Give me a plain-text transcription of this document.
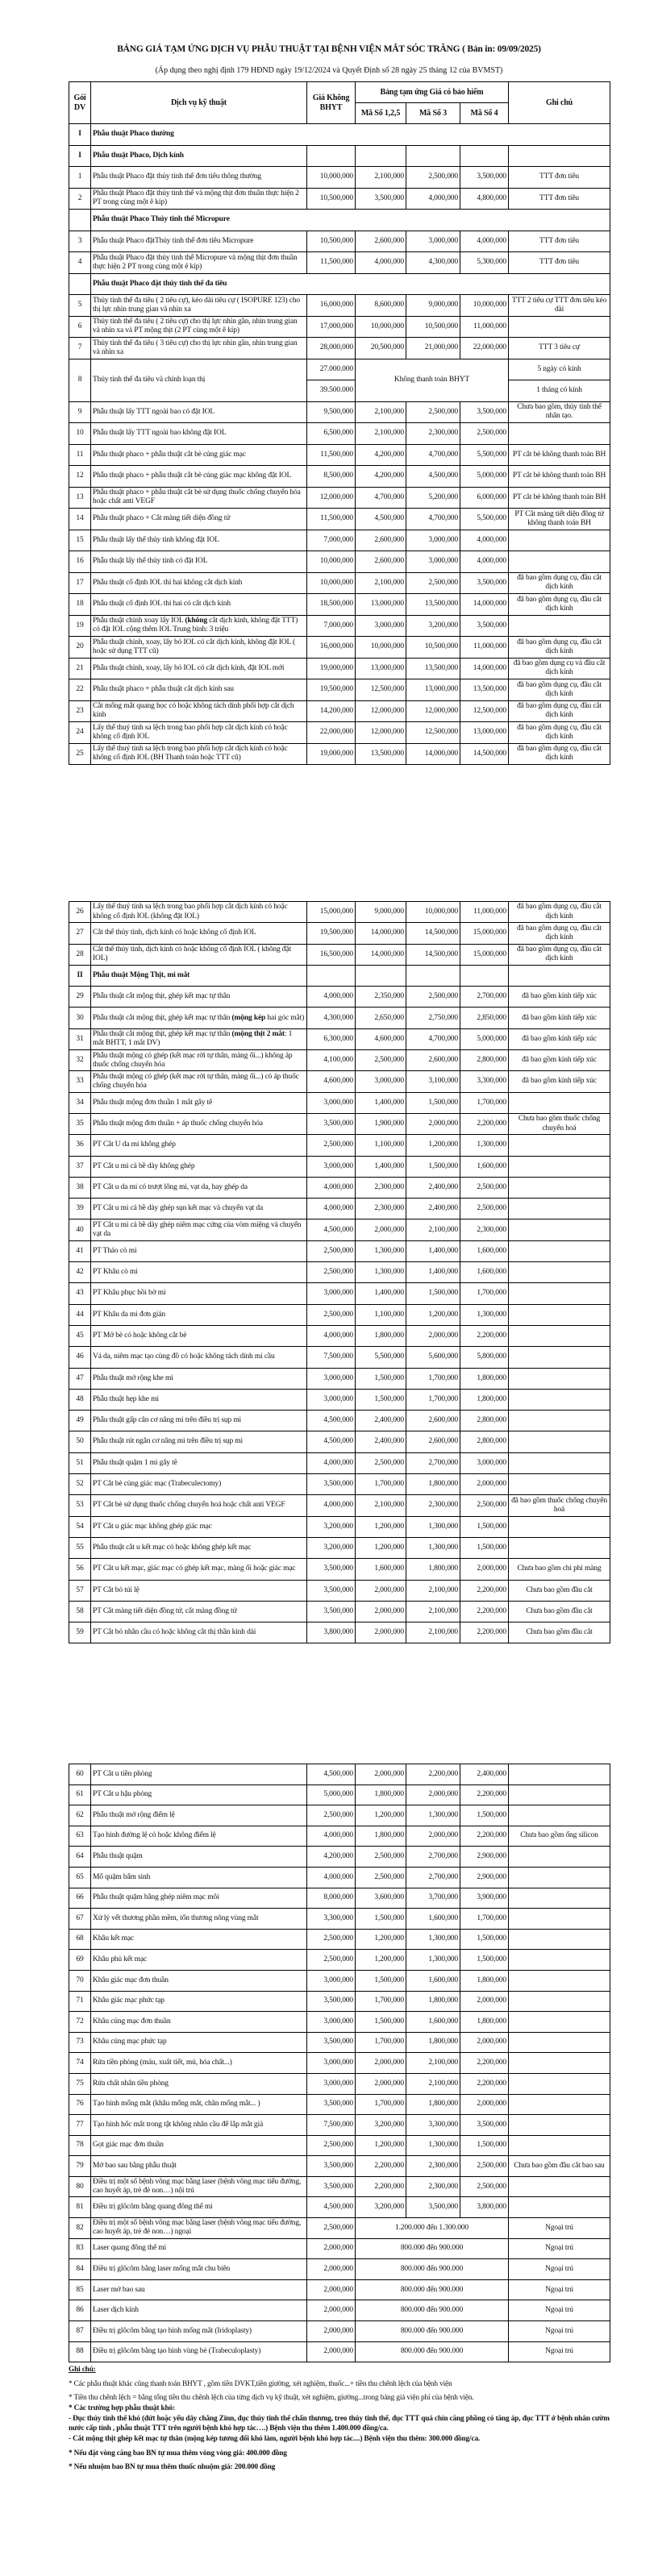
BẢNG GIÁ TẠM ỨNG DỊCH VỤ PHẪU THUẬT TẠI BỆNH VIỆN MẮT SÓC TRĂNG ( Bản in: 09/09/2025)
(Áp dụng theo nghị định 179 HĐND ngày 19/12/2024 và Quyết Định số 28 ngày 25 tháng 12 của BVMST)
Gói DV	Dịch vụ kỹ thuật	Giá Không BHYT	Bảng tạm ứng Giá có bảo hiểm			Ghi chú
			Mã Số 1,2,5	Mã Số 3	Mã Số 4	
I	Phẫu thuật Phaco thường					
I	Phẫu thuật Phaco, Dịch kính					
1	Phẫu thuật Phaco đặt thủy tinh thể đơn tiêu thông thường	10,000,000	2,100,000	2,500,000	3,500,000	TTT đơn tiêu
2	Phẫu thuật Phaco đặt thủy tinh thể và mộng thịt đơn thuần thực hiện 2 PT trong cùng một ê kíp)	10,500,000	3,500,000	4,000,000	4,800,000	TTT đơn tiêu
	Phẫu thuật Phaco Thủy tinh thể Micropure					
3	Phẫu thuật Phaco đặtThủy tinh thể đơn tiêu Micropure	10,500,000	2,600,000	3,000,000	4,000,000	TTT đơn tiêu
4	Phẫu thuật Phaco đặt thủy tinh thể Micropure và mộng thịt đơn thuần thực hiện 2 PT trong cùng một ê kíp)	11,500,000	4,000,000	4,300,000	5,300,000	TTT đơn tiêu
	Phẫu thuật Phaco đặt thủy tinh thể đa tiêu					
5	Thủy tinh thể đa tiêu ( 2 tiêu cự), kéo dài tiêu cự ( ISOPURE 123) cho thị lực nhìn trung gian và nhìn xa	16,000,000	8,600,000	9,000,000	10,000,000	TTT 2 tiêu cự TTT đơn tiêu kéo dài
6	Thủy tinh thể đa tiêu ( 2 tiêu cự) cho thị lực nhìn gần, nhìn trung gian và nhìn xa và PT mộng thịt (2 PT cùng một ê kíp)	17,000,000	10,000,000	10,500,000	11,000,000	
7	Thủy tinh thể đa tiêu ( 3 tiêu cự) cho thị lực nhìn gần, nhìn trung gian và nhìn xa	28,000,000	20,500,000	21,000,000	22,000,000	TTT 3 tiêu cự
8	Thủy tinh thể đa tiêu và chỉnh loạn thị	27.000.000	Không thanh toán BHYT			5 ngày có kính
		39.500.000				1 tháng có kính
9	Phẫu thuật lấy TTT ngoài bao có đặt IOL	9,500,000	2,100,000	2,500,000	3,500,000	Chưa bao gồm, thủy tinh thể nhân tạo.
10	Phẫu thuật lấy TTT ngoài bao không đặt IOL	6,500,000	2,100,000	2,300,000	2,500,000	
11	Phẫu thuật phaco + phẫu thuật cắt bè củng giác mạc	11,500,000	4,200,000	4,700,000	5,500,000	PT cắt bè không thanh toán BH
12	Phẫu thuật phaco + phẫu thuật cắt bè củng giác mạc không đặt IOL	8,500,000	4,200,000	4,500,000	5,000,000	PT cắt bè không thanh toán BH
13	Phẫu thuật phaco + phẫu thuật cắt bè sử dụng thuốc chống chuyển hóa hoặc chất anti VEGF	12,000,000	4,700,000	5,200,000	6,000,000	PT cắt bè không thanh toán BH
14	Phẫu thuật phaco + Cắt màng tiết diện đồng tử	11,500,000	4,500,000	4,700,000	5,500,000	PT Cắt màng tiết diện đồng tử không thanh toán BH
15	Phẫu thuật lấy thể thủy tinh không đặt IOL	7,000,000	2,600,000	3,000,000	4,000,000	
16	Phẫu thuật lấy thể thủy tinh có đặt IOL	10,000,000	2,600,000	3,000,000	4,000,000	
17	Phẫu thuật cố định IOL thì hai không cắt dịch kính	10,000,000	2,100,000	2,500,000	3,500,000	đã bao gồm dụng cụ, đầu cắt dịch kính
18	Phẫu thuật cố định IOL thì hai có cắt dịch kính	18,500,000	13,000,000	13,500,000	14,000,000	đã bao gồm dụng cụ, đầu cắt dịch kính
19	Phẫu thuật chỉnh xoay lấy IOL (không cắt dịch kính, không đặt TTT) có đặt IOL cộng thêm IOL Trung bình: 3 triệu	7,000,000	3,000,000	3,200,000	3,500,000	
20	Phẫu thuật chỉnh, xoay, lấy bỏ IOL có cắt dịch kính, không đặt IOL ( hoặc sử dụng TTT cũ)	16,000,000	10,000,000	10,500,000	11,000,000	đã bao gồm dụng cụ, đầu cắt dịch kính
21	Phẫu thuật chỉnh, xoay, lấy bỏ IOL có cắt dịch kính, đặt IOL mới	19,000,000	13,000,000	13,500,000	14,000,000	đã bao gồm dụng cụ và đầu cắt dịch kính
22	Phẫu thuật phaco + phẫu thuật cắt dịch kính sau	19,500,000	12,500,000	13,000,000	13,500,000	đã bao gồm dụng cụ, đầu cắt dịch kính
23	Cắt mống mắt quang học có hoặc không tách dính phối hợp cắt dịch kính	14,200,000	12,000,000	12,000,000	12,500,000	đã bao gồm dụng cụ, đầu cắt dịch kính
24	Lấy thể thuỷ tinh sa lệch trong bao phối hợp cắt dịch kính có hoặc không cố định IOL	22,000,000	12,000,000	12,500,000	13,000,000	đã bao gồm dụng cụ, đầu cắt dịch kính
25	Lấy thể thuỷ tinh sa lệch trong bao phối hợp cắt dịch kính có hoặc không cố định IOL (BH Thanh toán hoặc TTT cũ)	19,000,000	13,500,000	14,000,000	14,500,000	đã bao gồm dụng cụ, đầu cắt dịch kính
26	Lấy thể thuỷ tinh sa lệch trong bao phối hợp cắt dịch kính có hoặc không cố định IOL (không đặt IOL)	15,000,000	9,000,000	10,000,000	11,000,000	đã bao gồm dụng cụ, đầu cắt dịch kính
27	Cắt thể thủy tinh, dịch kính có hoặc không cố định IOL	19,500,000	14,000,000	14,500,000	15,000,000	đã bao gồm dụng cụ, đầu cắt dịch kính
28	Cắt thể thủy tinh, dịch kính có hoặc không cố định IOL ( không đặt IOL)	16,500,000	14,000,000	14,500,000	15,000,000	đã bao gồm dụng cụ, đầu cắt dịch kính
II	Phẫu thuật Mộng Thịt, mi mắt					
29	Phẫu thuật cắt mộng thịt, ghép kết mạc tự thân	4,000,000	2,350,000	2,500,000	2,700,000	đã bao gồm kính tiếp xúc
30	Phẫu thuật cắt mộng thịt, ghép kết mạc tự thân (mộng kép hai góc mắt)	4,300,000	2,650,000	2,750,000	2,850,000	đã bao gồm kính tiếp xúc
31	Phẫu thuật cắt mộng thịt, ghép kết mạc tự thân (mộng thịt 2 mắt: 1 mắt BHTT, 1 mắt DV)	6,300,000	4,600,000	4,700,000	5,000,000	đã bao gồm kính tiếp xúc
32	Phẫu thuật mộng có ghép (kết mạc rời tự thân, màng ối...) không áp thuốc chống chuyển hóa	4,100,000	2,500,000	2,600,000	2,800,000	đã bao gồm kính tiếp xúc
33	Phẫu thuật mộng có ghép (kết mạc rời tự thân, màng ối...) có áp thuốc chống chuyển hóa	4,600,000	3,000,000	3,100,000	3,300,000	đã bao gồm kính tiếp xúc
34	Phẫu thuật mộng đơn thuần 1 mắt gây tê	3,000,000	1,400,000	1,500,000	1,700,000	
35	Phẫu thuật mộng đơn thuần + áp thuốc chống chuyển hóa	3,500,000	1,900,000	2,000,000	2,200,000	Chưa bao gồm thuốc chống chuyển hoá
36	PT Cắt U da mi không ghép	2,500,000	1,100,000	1,200,000	1,300,000	
37	PT Cắt u mi cả bề dày không ghép	3,000,000	1,400,000	1,500,000	1,600,000	
38	PT Cắt u da mi có trượt lông mi, vạt da, hay ghép da	4,000,000	2,300,000	2,400,000	2,500,000	
39	PT Cắt u mi cả bề dày ghép sụn kết mạc và chuyển vạt da	4,000,000	2,300,000	2,400,000	2,500,000	
40	PT Cắt u mi cả bề dày ghép niêm mạc cứng của vòm miệng và chuyển vạt da	4,500,000	2,000,000	2,100,000	2,300,000	
41	PT Tháo cò mi	2,500,000	1,300,000	1,400,000	1,600,000	
42	PT Khâu cò mi	2,500,000	1,300,000	1,400,000	1,600,000	
43	PT Khâu phục hồi bờ mi	3,000,000	1,400,000	1,500,000	1,700,000	
44	PT Khâu da mi đơn giản	2,500,000	1,100,000	1,200,000	1,300,000	
45	PT Mở bè có hoặc không cắt bè	4,000,000	1,800,000	2,000,000	2,200,000	
46	Vá da, niêm mạc tạo cùng đồ có hoặc không tách dính mi cầu	7,500,000	5,500,000	5,600,000	5,800,000	
47	Phẫu thuật mở rộng khe mi	3,000,000	1,500,000	1,700,000	1,800,000	
48	Phẫu thuật hẹp khe mi	3,000,000	1,500,000	1,700,000	1,800,000	
49	Phẫu thuật gấp cân cơ nâng mi trên điều trị sụp mi	4,500,000	2,400,000	2,600,000	2,800,000	
50	Phẫu thuật rút ngắn cơ nâng mi trên điều trị sụp mi	4,500,000	2,400,000	2,600,000	2,800,000	
51	Phẫu thuật quặm 1 mi gây tê	4,000,000	2,500,000	2,700,000	3,000,000	
52	PT Cắt bè củng giác mạc (Trabeculectomy)	3,500,000	1,700,000	1,800,000	2,000,000	
53	PT Cắt bè sử dụng thuốc chống chuyển hoá hoặc chất anti VEGF	4,000,000	2,100,000	2,300,000	2,500,000	đã bao gồm thuốc chống chuyển hoá
54	PT Cắt u giác mạc không ghép giác mạc	3,200,000	1,200,000	1,300,000	1,500,000	
55	Phẫu thuật cắt u kết mạc có hoặc không ghép kết mạc	3,200,000	1,200,000	1,300,000	1,500,000	
56	PT Cắt u kết mạc, giác mạc có ghép kết mạc, màng ối hoặc giác mạc	3,500,000	1,600,000	1,800,000	2,000,000	Chưa bao gồm chi phí màng
57	PT Cắt bỏ túi lệ	3,500,000	2,000,000	2,100,000	2,200,000	Chưa bao gồm đầu cắt
58	PT Cắt màng tiết diện đồng tử, cắt màng đồng tử	3,500,000	2,000,000	2,100,000	2,200,000	Chưa bao gồm đầu cắt
59	PT Cắt bỏ nhãn cầu có hoặc không cắt thị thần kinh dài	3,800,000	2,000,000	2,100,000	2,200,000	Chưa bao gồm đầu cắt
60	PT Cắt u tiền phòng	4,500,000	2,000,000	2,200,000	2,400,000	
61	PT Cắt u hậu phòng	5,000,000	1,800,000	2,000,000	2,200,000	
62	Phẫu thuật mở rộng điểm lệ	2,500,000	1,200,000	1,300,000	1,500,000	
63	Tạo hình đường lệ có hoặc không điểm lệ	4,000,000	1,800,000	2,000,000	2,200,000	Chưa bao gồm ống silicon
64	Phẫu thuật quặm	4,200,000	2,500,000	2,700,000	2,900,000	
65	Mổ quặm bẩm sinh	4,000,000	2,500,000	2,700,000	2,900,000	
66	Phẫu thuật quặm bằng ghép niêm mạc môi	8,000,000	3,600,000	3,700,000	3,900,000	
67	Xử lý vết thương phần mềm, tổn thương nông vùng mắt	3,300,000	1,500,000	1,600,000	1,700,000	
68	Khâu kết mạc	2,500,000	1,200,000	1,300,000	1,500,000	
69	Khâu phủ kết mạc	2,500,000	1,200,000	1,300,000	1,500,000	
70	Khâu giác mạc đơn thuần	3,000,000	1,500,000	1,600,000	1,800,000	
71	Khâu giác mạc phức tạp	3,500,000	1,700,000	1,800,000	2,000,000	
72	Khâu củng mạc đơn thuần	3,000,000	1,500,000	1,600,000	1,800,000	
73	Khâu củng mạc phức tạp	3,500,000	1,700,000	1,800,000	2,000,000	
74	Rửa tiền phòng (máu, xuất tiết, mủ, hóa chất...)	3,000,000	2,000,000	2,100,000	2,200,000	
75	Rửa chất nhân tiền phòng	3,000,000	2,000,000	2,100,000	2,200,000	
76	Tạo hình mống mắt (khâu mống mắt, chân mống mắt... )	3,500,000	1,700,000	1,800,000	2,000,000	
77	Tạo hình hốc mắt trong tật không nhãn cầu để lắp mắt giả	7,500,000	3,200,000	3,300,000	3,500,000	
78	Gọt giác mạc đơn thuần	2,500,000	1,200,000	1,300,000	1,500,000	
79	Mở bao sau bằng phẫu thuật	3,500,000	2,200,000	2,300,000	2,500,000	Chưa bao gồm đầu cắt bao sau
80	Điều trị một số bệnh võng mạc bằng laser (bệnh võng mạc tiểu đường, cao huyết áp, trẻ đẻ non…) nội trú	3,500,000	2,200,000	2,300,000	2,500,000	
81	Điều trị glôcôm bằng quang đông thể mi	4,500,000	3,200,000	3,500,000	3,800,000	
82	Điều trị một số bệnh võng mạc bằng laser (bệnh võng mạc tiểu đường, cao huyết áp, trẻ đẻ non…) ngoại	2,500,000	1.200.000 đến 1.300.000			Ngoại trú
83	Laser quang đông thể mi	2,000,000	800.000 đến 900.000			Ngoại trú
84	Điều trị glôcôm bằng laser mống mắt chu biên	2,000,000	800.000 đến 900.000			Ngoại trú
85	Laser mở bao sau	2,000,000	800.000 đến 900.000			Ngoại trú
86	Laser dịch kính	2,000,000	800.000 đến 900.000			Ngoại trú
87	Điều trị glôcôm bằng tạo hình mống mắt (Iridoplasty)	2,000,000	800.000 đến 900.000			Ngoại trú
88	Điều trị glôcôm bằng tạo hình vùng bè (Trabeculoplasty)	2,000,000	800.000 đến 900.000			Ngoại trú

Ghi chú:

* Các phẫu thuật khác cũng thanh toán BHYT , gồm tiền DVKT,tiền giường, xét nghiệm, thuốc...+ tiền thu chênh lệch của bệnh viện

* Tiền thu chênh lệch = bằng tổng tiền thu chênh lệch của từng dịch vụ kỹ thuật, xét nghiệm, giường...trong bảng giá viện phí của bệnh viện.

* Các trường hợp phẫu thuật khó:

- Đục thủy tinh thể khó (đứt hoặc yếu dây chằng Zinn, đục thủy tinh thể chấn thương, treo thủy tinh thể, đục TTT quá chín căng phồng có tăng áp, đục TTT ở bệnh nhân cườm nước cấp tính , phẫu thuật TTT trên người bệnh khó hợp tác….) Bệnh viện thu thêm 1.400.000 đồng/ca.

- Cắt mộng thịt ghép kết mạc tự thân (mộng kép tương đối khó làm, người bệnh khó hợp tác....) Bệnh viện thu thêm: 300.000 đồng/ca.

* Nếu đặt vòng căng bao BN tự mua thêm vòng vòng giá: 400.000 đồng

* Nếu nhuộm bao BN tự mua thêm thuốc nhuộm giá: 200.000 đồng
